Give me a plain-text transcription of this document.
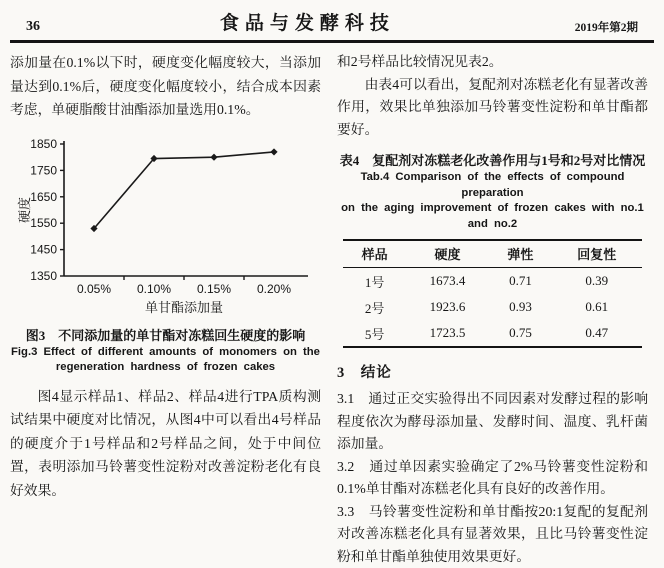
36	食品与发酵科技	2019年第2期

添加量在0.1%以下时，硬度变化幅度较大，当添加量达到0.1%后，硬度变化幅度较小，结合成本因素考虑，单硬脂酸甘油酯添加量选用0.1%。

1350
1450
1550
1650
1750
1850
0.05% 0.10% 0.15% 0.20%
单甘酯添加量
硬度
图3　不同添加量的单甘酯对冻糕回生硬度的影响
Fig.3 Effect of different amounts of monomers on the
regeneration hardness of frozen cakes

图4显示样品1、样品2、样品4进行TPA质构测试结果中硬度对比情况，从图4中可以看出4号样品的硬度介于1号样品和2号样品之间，处于中间位置，表明添加马铃薯变性淀粉对改善淀粉老化有良好效果。

和2号样品比较情况见表2。

由表4可以看出，复配剂对冻糕老化有显著改善作用，效果比单独添加马铃薯变性淀粉和单甘酯都要好。

表4　复配剂对冻糕老化改善作用与1号和2号对比情况
Tab.4 Comparison of the effects of compound preparation
on the aging improvement of frozen cakes with no.1
and no.2
样品	硬度	弹性	回复性
1号	1673.4	0.71	0.39
2号	1923.6	0.93	0.61
5号	1723.5	0.75	0.47
3　结论

3.1　通过正交实验得出不同因素对发酵过程的影响程度依次为酵母添加量、发酵时间、温度、乳杆菌添加量。

3.2　通过单因素实验确定了2%马铃薯变性淀粉和0.1%单甘酯对冻糕老化具有良好的改善作用。

3.3　马铃薯变性淀粉和单甘酯按20:1复配的复配剂对改善冻糕老化具有显著效果，且比马铃薯变性淀粉和单甘酯单独使用效果更好。
